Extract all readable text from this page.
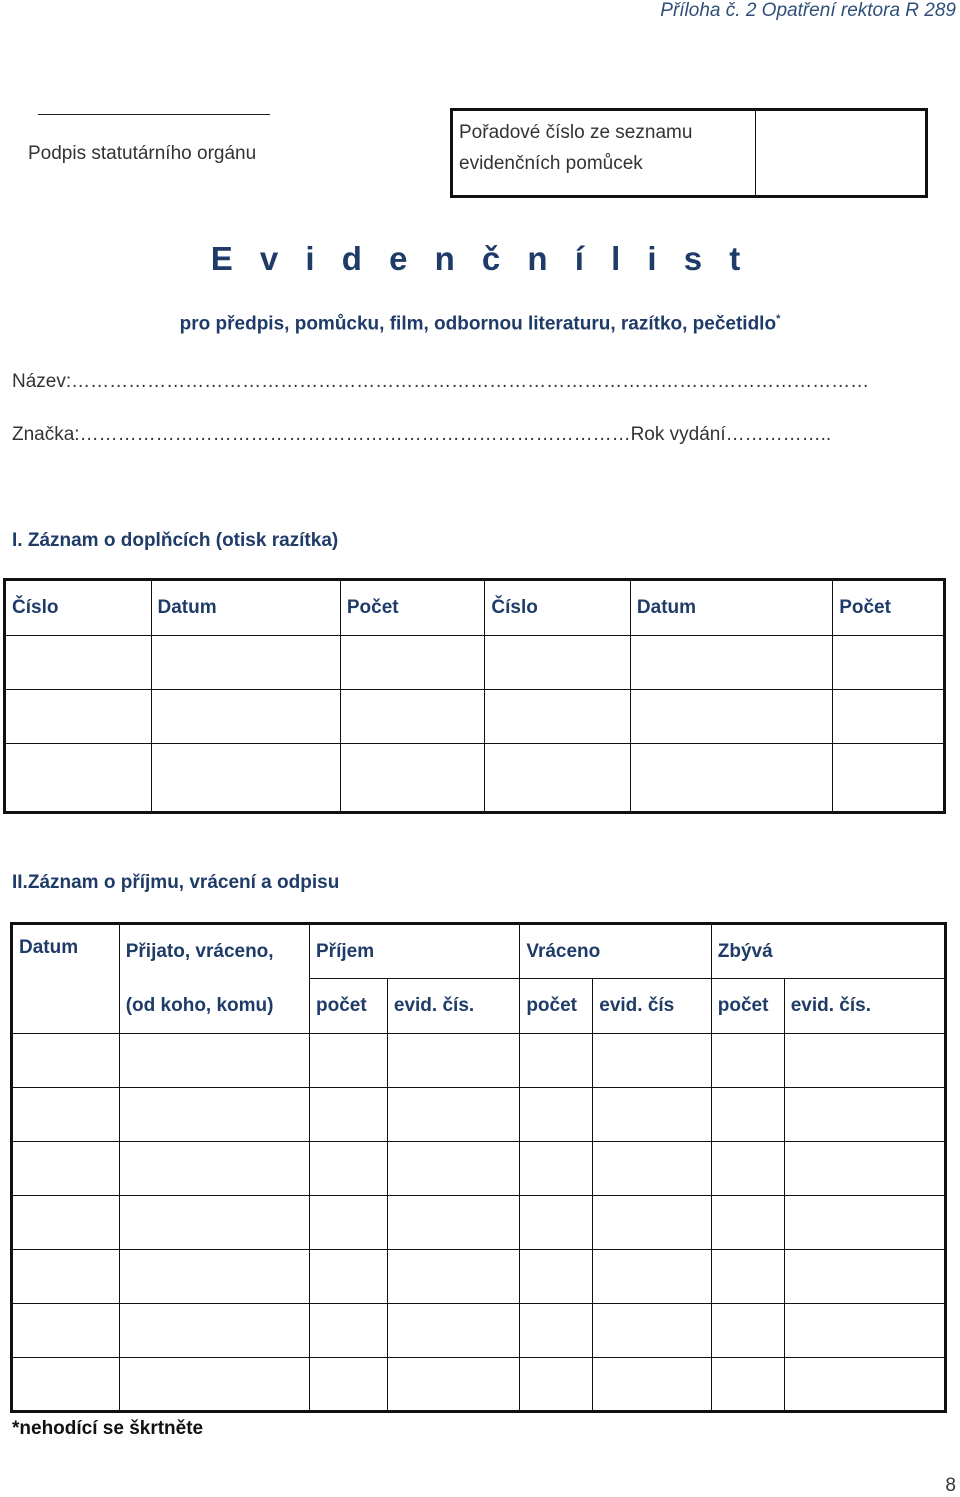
Příloha č. 2 Opatření rektora R 289
Podpis statutárního orgánu
Pořadové číslo ze seznamu evidenčních pomůcek
E v i d e n č n í l i s t
pro předpis, pomůcku, film, odbornou literaturu, razítko, pečetidlo*
Název:………………………………………………………………………………………………………………
Značka:……………………………………………………………………………Rok vydání……………..
I. Záznam o doplňcích (otisk razítka)
Číslo	Datum	Počet	Číslo	Datum	Počet

II.Záznam o příjmu, vrácení a odpisu
Datum	Přijato, vráceno,	Příjem		Vráceno		Zbývá	
	(od koho, komu)	počet	evid. čís.	počet	evid. čís	počet	evid. čís.

*nehodící se škrtněte
8
